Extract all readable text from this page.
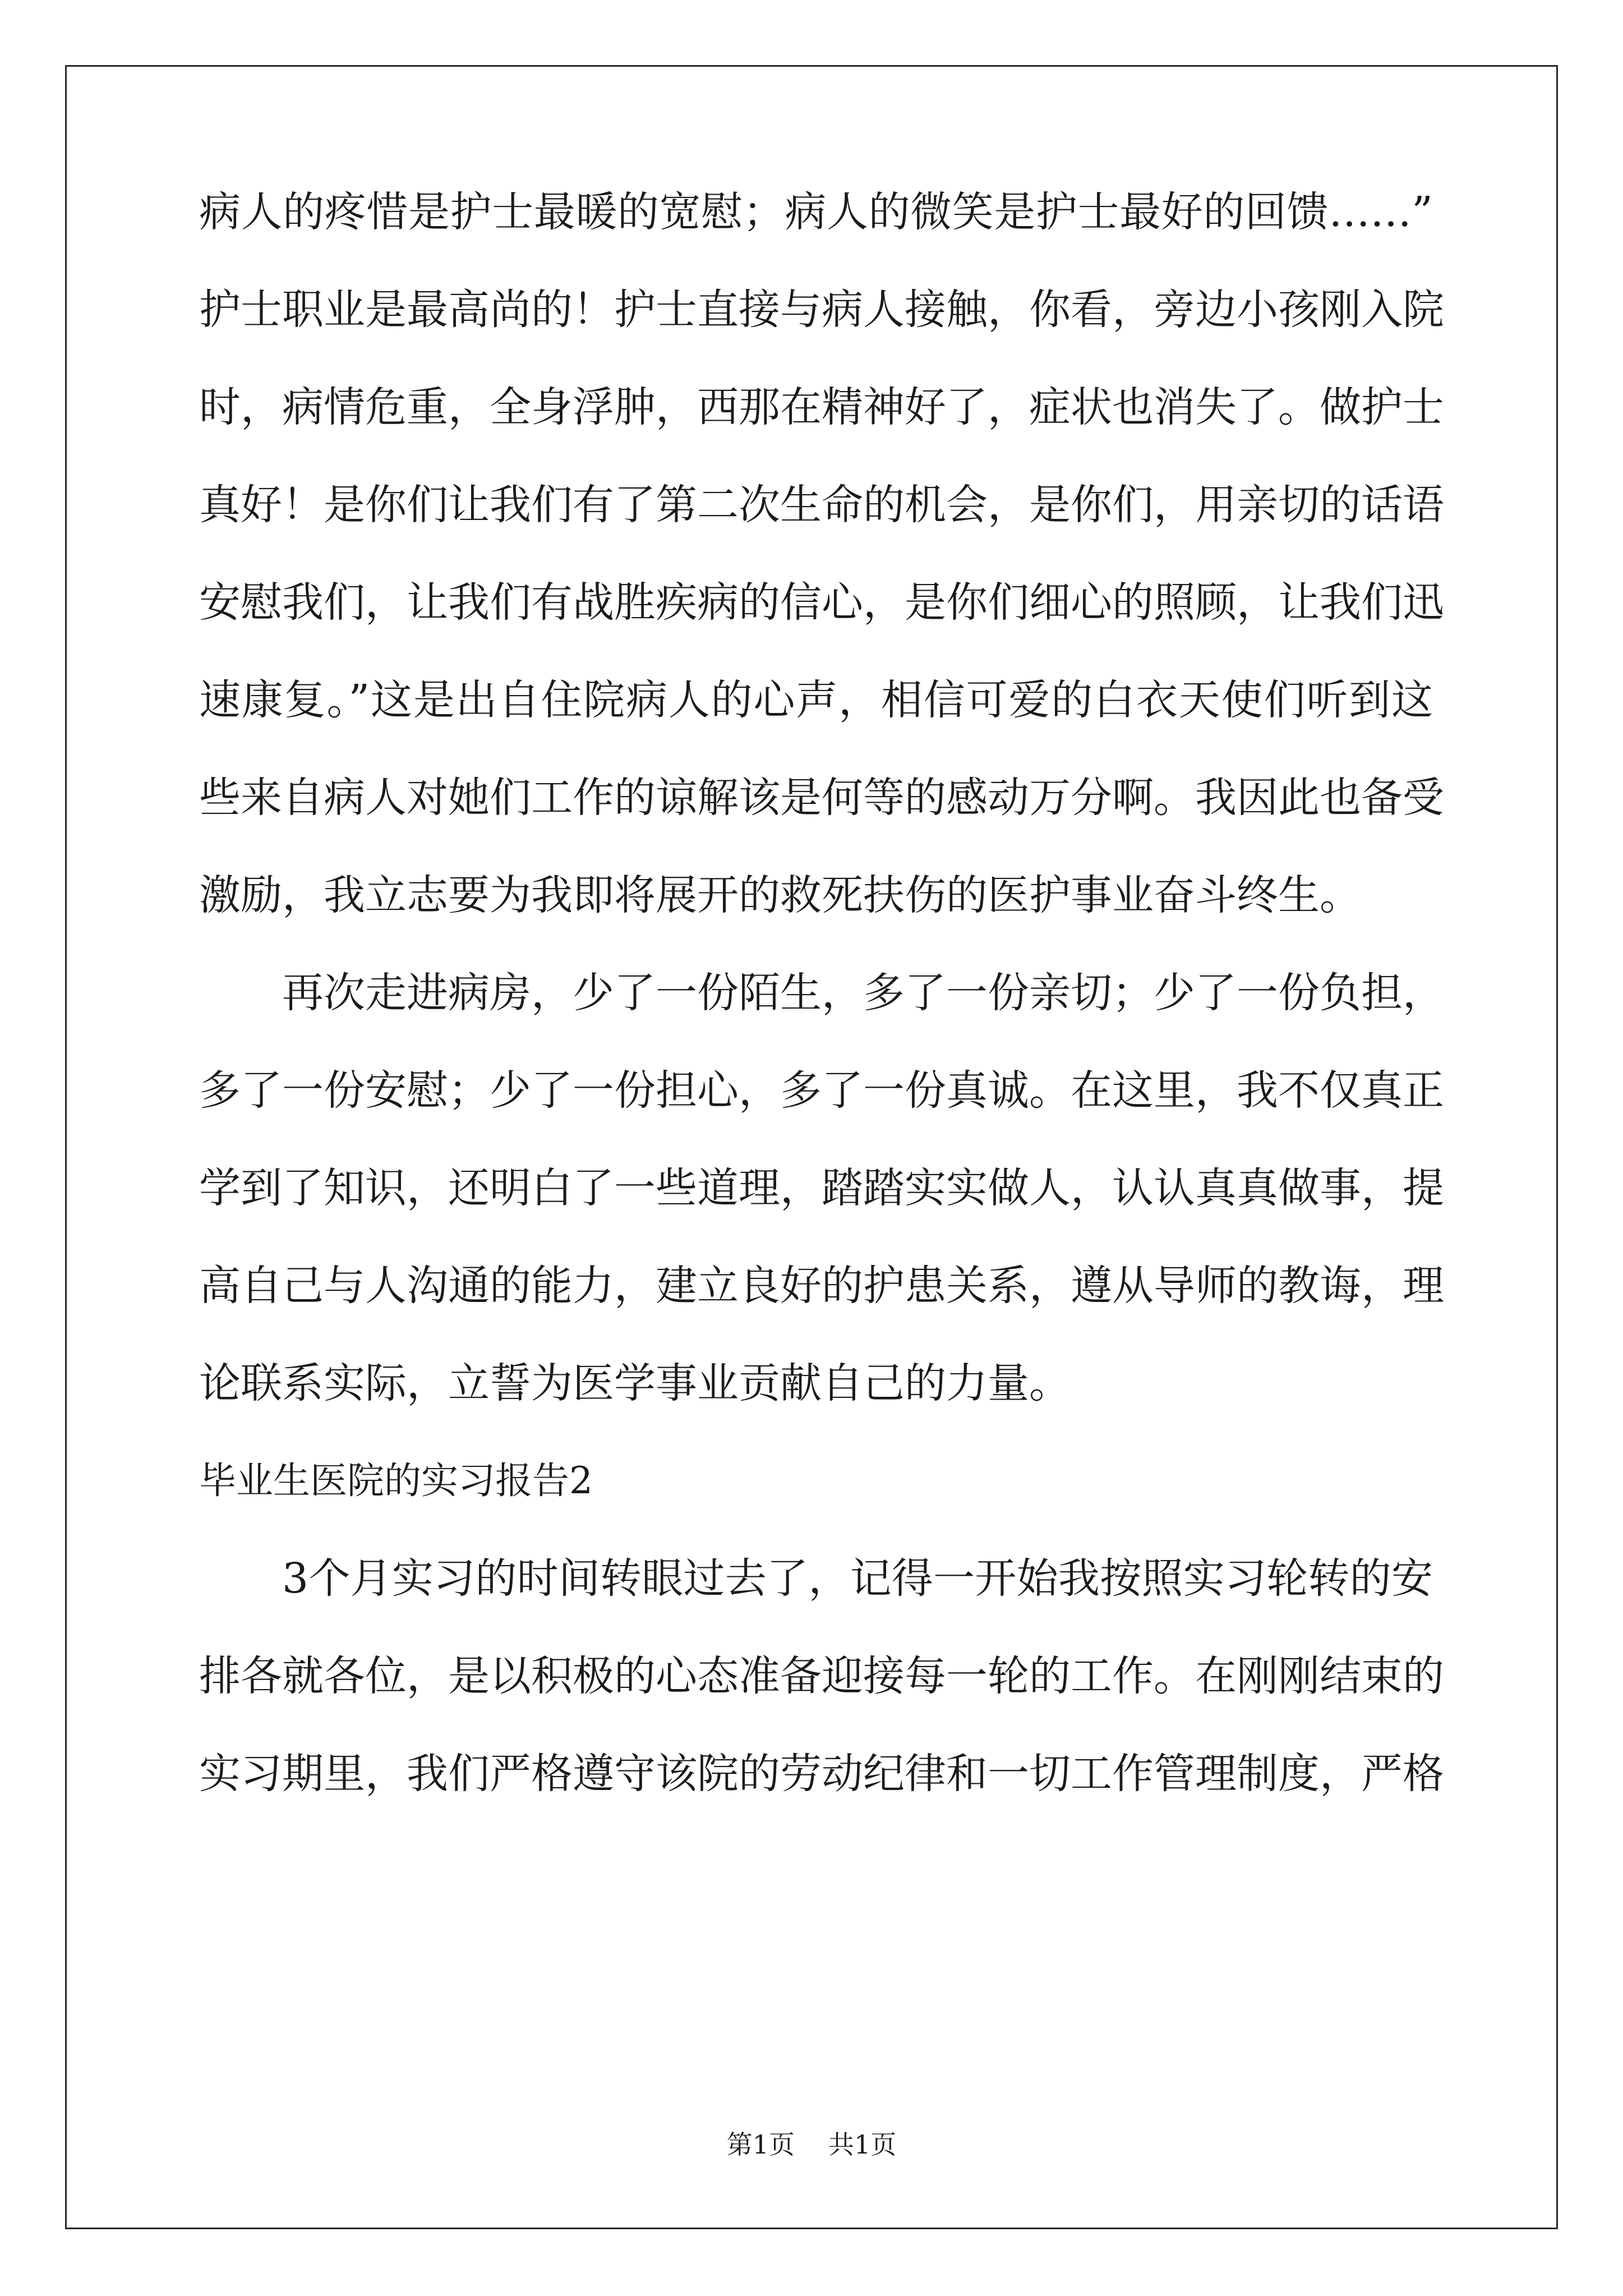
病人的疼惜是护士最暖的宽慰；病人的微笑是护士最好的回馈……”
护士职业是最高尚的！护士直接与病人接触，你看，旁边小孩刚入院
时，病情危重，全身浮肿，西那在精神好了，症状也消失了。做护士
真好！是你们让我们有了第二次生命的机会，是你们，用亲切的话语
安慰我们，让我们有战胜疾病的信心，是你们细心的照顾，让我们迅
速康复。”这是出自住院病人的心声，相信可爱的白衣天使们听到这
些来自病人对她们工作的谅解该是何等的感动万分啊。我因此也备受
激励，我立志要为我即将展开的救死扶伤的医护事业奋斗终生。
再次走进病房，少了一份陌生，多了一份亲切；少了一份负担，
多了一份安慰；少了一份担心，多了一份真诚。在这里，我不仅真正
学到了知识，还明白了一些道理，踏踏实实做人，认认真真做事，提
高自己与人沟通的能力，建立良好的护患关系，遵从导师的教诲，理
论联系实际，立誓为医学事业贡献自己的力量。
毕业生医院的实习报告2
3个月实习的时间转眼过去了，记得一开始我按照实习轮转的安
排各就各位，是以积极的心态准备迎接每一轮的工作。在刚刚结束的
实习期里，我们严格遵守该院的劳动纪律和一切工作管理制度，严格
第1页 共1页
